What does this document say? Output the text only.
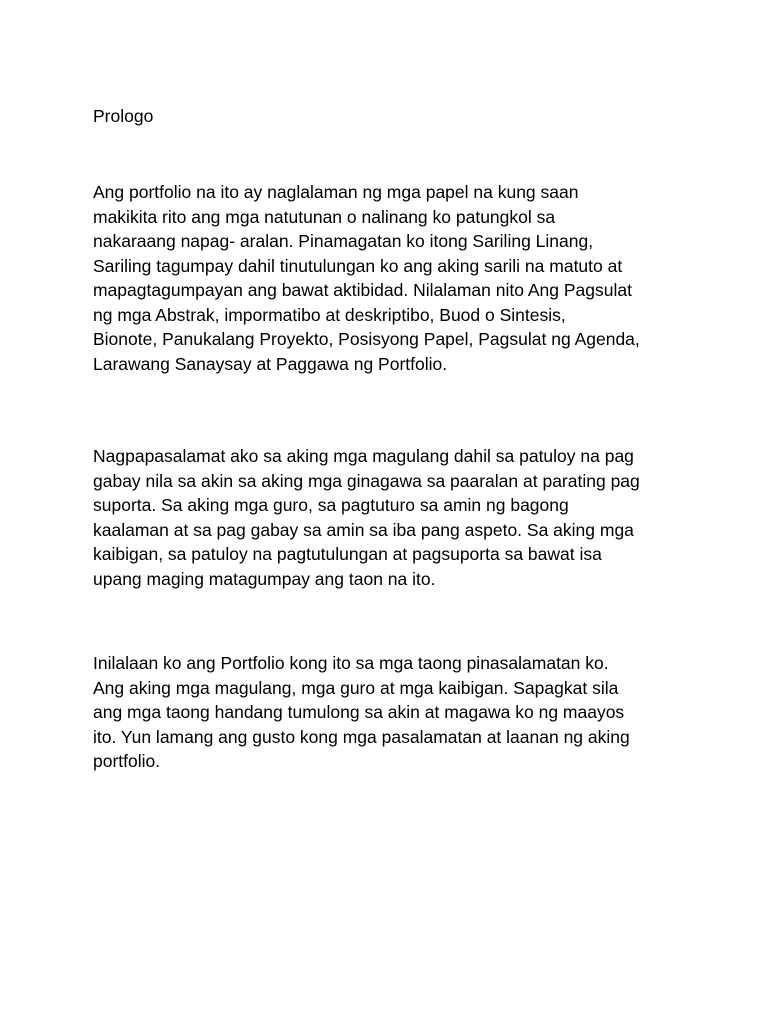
Prologo

Ang portfolio na ito ay naglalaman ng mga papel na kung saan
makikita rito ang mga natutunan o nalinang ko patungkol sa
nakaraang napag- aralan. Pinamagatan ko itong Sariling Linang,
Sariling tagumpay dahil tinutulungan ko ang aking sarili na matuto at
mapagtagumpayan ang bawat aktibidad. Nilalaman nito Ang Pagsulat
ng mga Abstrak, impormatibo at deskriptibo, Buod o Sintesis,
Bionote, Panukalang Proyekto, Posisyong Papel, Pagsulat ng Agenda,
Larawang Sanaysay at Paggawa ng Portfolio.

Nagpapasalamat ako sa aking mga magulang dahil sa patuloy na pag
gabay nila sa akin sa aking mga ginagawa sa paaralan at parating pag
suporta. Sa aking mga guro, sa pagtuturo sa amin ng bagong
kaalaman at sa pag gabay sa amin sa iba pang aspeto. Sa aking mga
kaibigan, sa patuloy na pagtutulungan at pagsuporta sa bawat isa
upang maging matagumpay ang taon na ito.

Inilalaan ko ang Portfolio kong ito sa mga taong pinasalamatan ko.
Ang aking mga magulang, mga guro at mga kaibigan. Sapagkat sila
ang mga taong handang tumulong sa akin at magawa ko ng maayos
ito. Yun lamang ang gusto kong mga pasalamatan at laanan ng aking
portfolio.
